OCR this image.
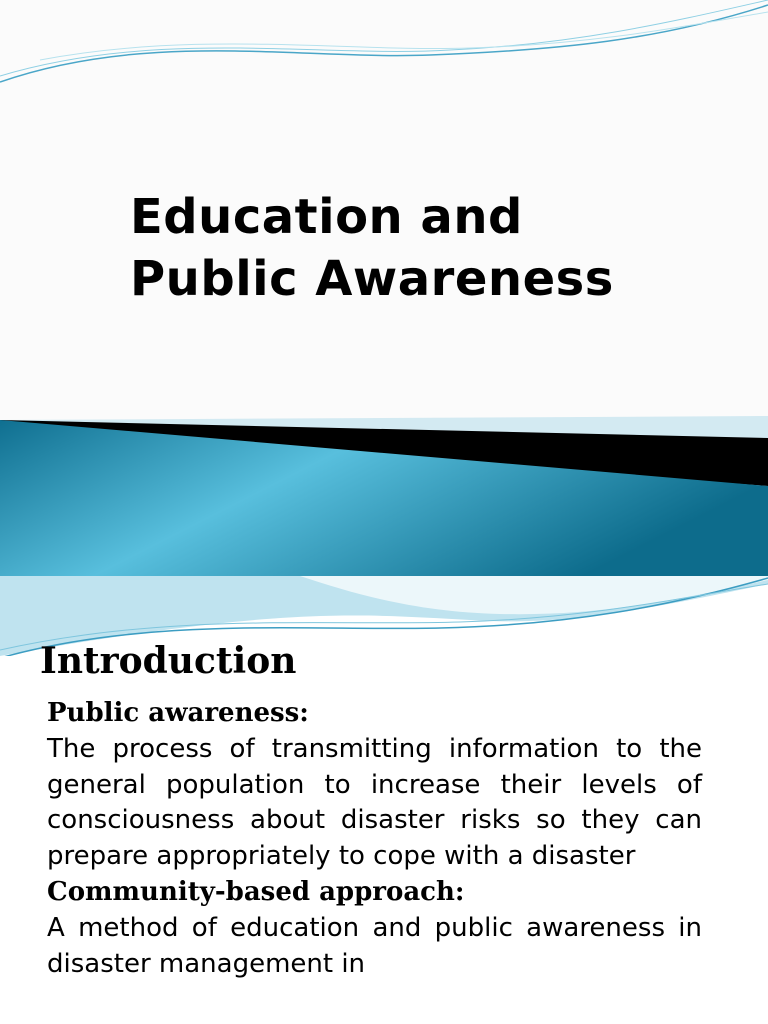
Education and
Public Awareness
Introduction
Public awareness:
The process of transmitting information to the general population to increase their levels of consciousness about disaster risks so they can prepare appropriately to cope with a disaster
Community-based approach:
A method of education and public awareness in disaster management in
